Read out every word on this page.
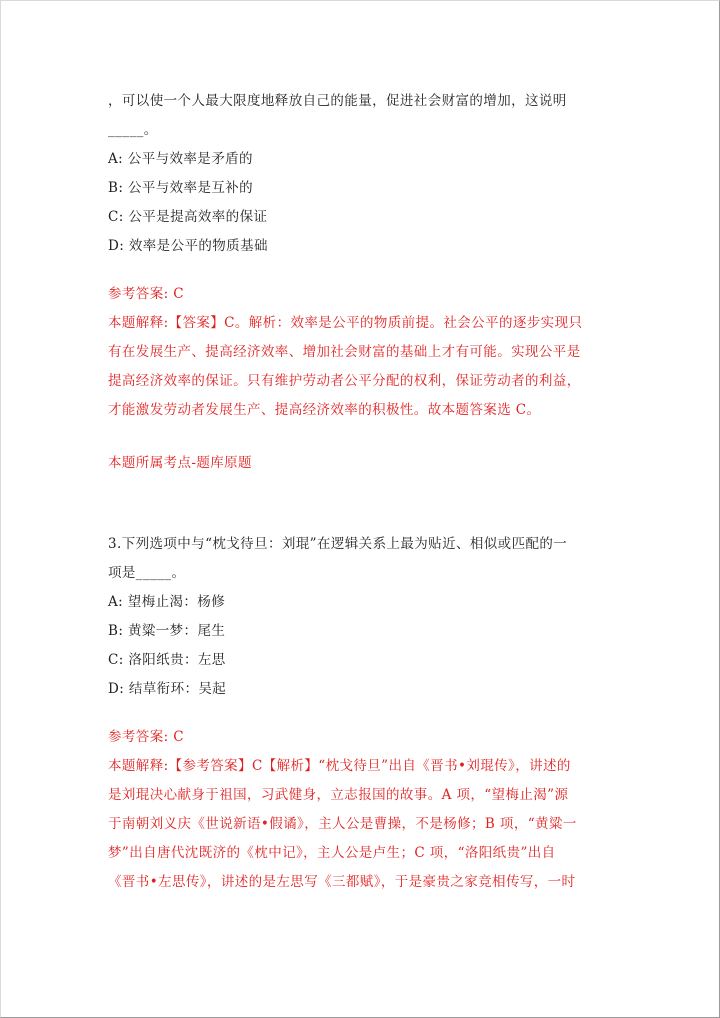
，可以使一个人最大限度地释放自己的能量，促进社会财富的增加，这说明
_____。
A: 公平与效率是矛盾的
B: 公平与效率是互补的
C: 公平是提高效率的保证
D: 效率是公平的物质基础
参考答案: C
本题解释:【答案】C。解析：效率是公平的物质前提。社会公平的逐步实现只
有在发展生产、提高经济效率、增加社会财富的基础上才有可能。实现公平是
提高经济效率的保证。只有维护劳动者公平分配的权利，保证劳动者的利益，
才能激发劳动者发展生产、提高经济效率的积极性。故本题答案选 C。
本题所属考点-题库原题
3.下列选项中与“枕戈待旦：刘琨”在逻辑关系上最为贴近、相似或匹配的一
项是_____。
A: 望梅止渴：杨修
B: 黄粱一梦：尾生
C: 洛阳纸贵：左思
D: 结草衔环：吴起
参考答案: C
本题解释:【参考答案】C【解析】“枕戈待旦”出自《晋书•刘琨传》，讲述的
是刘琨决心献身于祖国，习武健身，立志报国的故事。A 项，“望梅止渴”源
于南朝刘义庆《世说新语•假谲》，主人公是曹操，不是杨修；B 项，“黄粱一
梦”出自唐代沈既济的《枕中记》，主人公是卢生；C 项，“洛阳纸贵”出自
《晋书•左思传》，讲述的是左思写《三都赋》，于是豪贵之家竞相传写，一时
